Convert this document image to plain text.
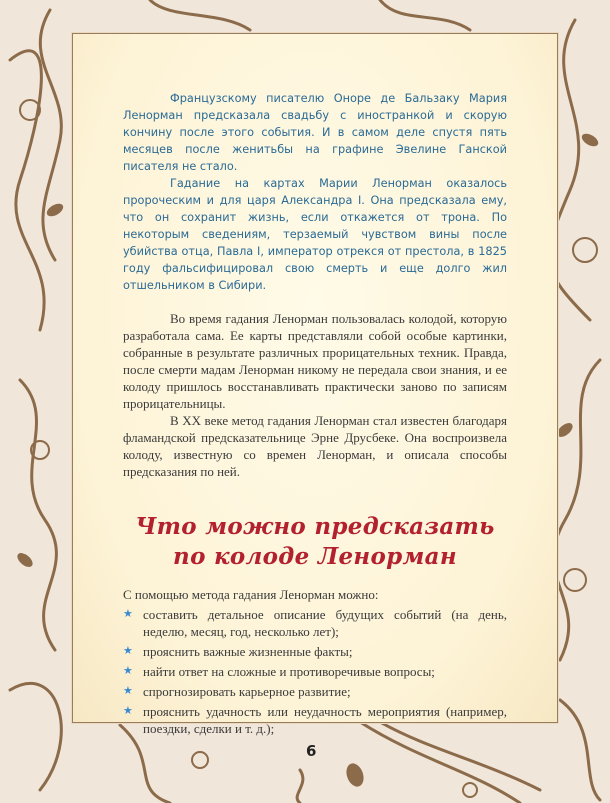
Французскому писателю Оноре де Бальзаку Мария Ленорман предсказала свадьбу с иностранкой и скорую кончину после этого события. И в самом деле спустя пять месяцев после женитьбы на графине Эвелине Ганской писателя не стало.

Гадание на картах Марии Ленорман оказалось пророческим и для царя Александра I. Она предсказала ему, что он сохранит жизнь, если откажется от трона. По некоторым сведениям, терзаемый чувством вины после убийства отца, Павла I, император отрекся от престола, в 1825 году фальсифицировал свою смерть и еще долго жил отшельником в Сибири.

Во время гадания Ленорман пользовалась колодой, которую разработала сама. Ее карты представляли собой особые картинки, собранные в результате различных прорицательных техник. Правда, после смерти мадам Ленорман никому не передала свои знания, и ее колоду пришлось восстанавливать практически заново по записям прорицательницы.

В XX веке метод гадания Ленорман стал известен благодаря фламандской предсказательнице Эрне Друсбеке. Она воспроизвела колоду, известную со времен Ленорман, и описала способы предсказания по ней.

Что можно предсказать
по колоде Ленорман

С помощью метода гадания Ленорман можно:

★ составить детальное описание будущих событий (на день, неделю, месяц, год, несколько лет);
★ прояснить важные жизненные факты;
★ найти ответ на сложные и противоречивые вопросы;
★ спрогнозировать карьерное развитие;
★ прояснить удачность или неудачность мероприятия (например, поездки, сделки и т. д.);
6
